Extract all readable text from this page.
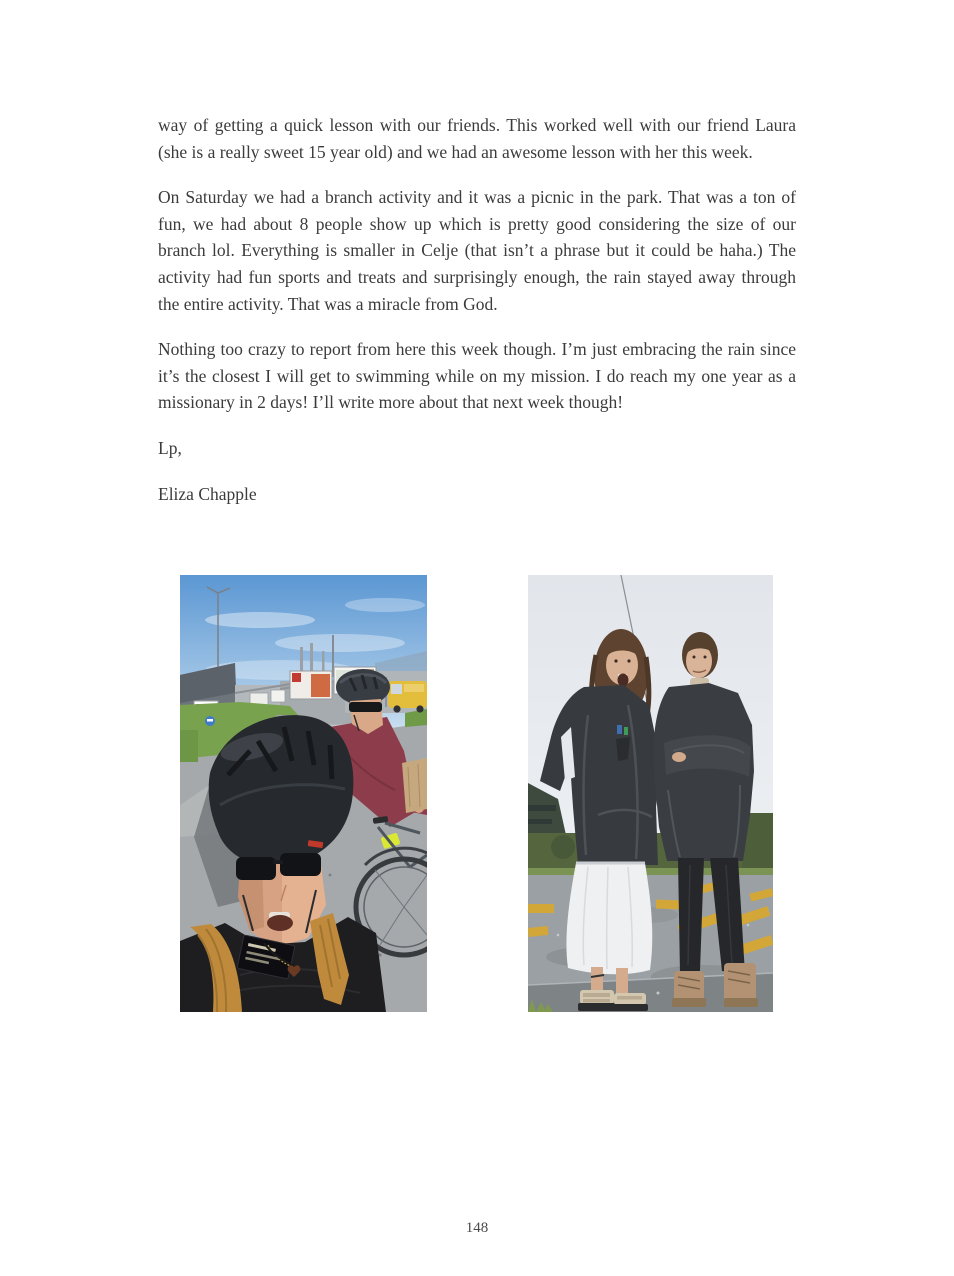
way of getting a quick lesson with our friends. This worked well with our friend Laura (she is a really sweet 15 year old) and we had an awesome lesson with her this week.

On Saturday we had a branch activity and it was a picnic in the park. That was a ton of fun, we had about 8 people show up which is pretty good considering the size of our branch lol. Everything is smaller in Celje (that isn’t a phrase but it could be haha.) The activity had fun sports and treats and surprisingly enough, the rain stayed away through the entire activity. That was a miracle from God.

Nothing too crazy to report from here this week though. I’m just embracing the rain since it’s the closest I will get to swimming while on my mission. I do reach my one year as a missionary in 2 days! I’ll write more about that next week though!

Lp,

Eliza Chapple

148
